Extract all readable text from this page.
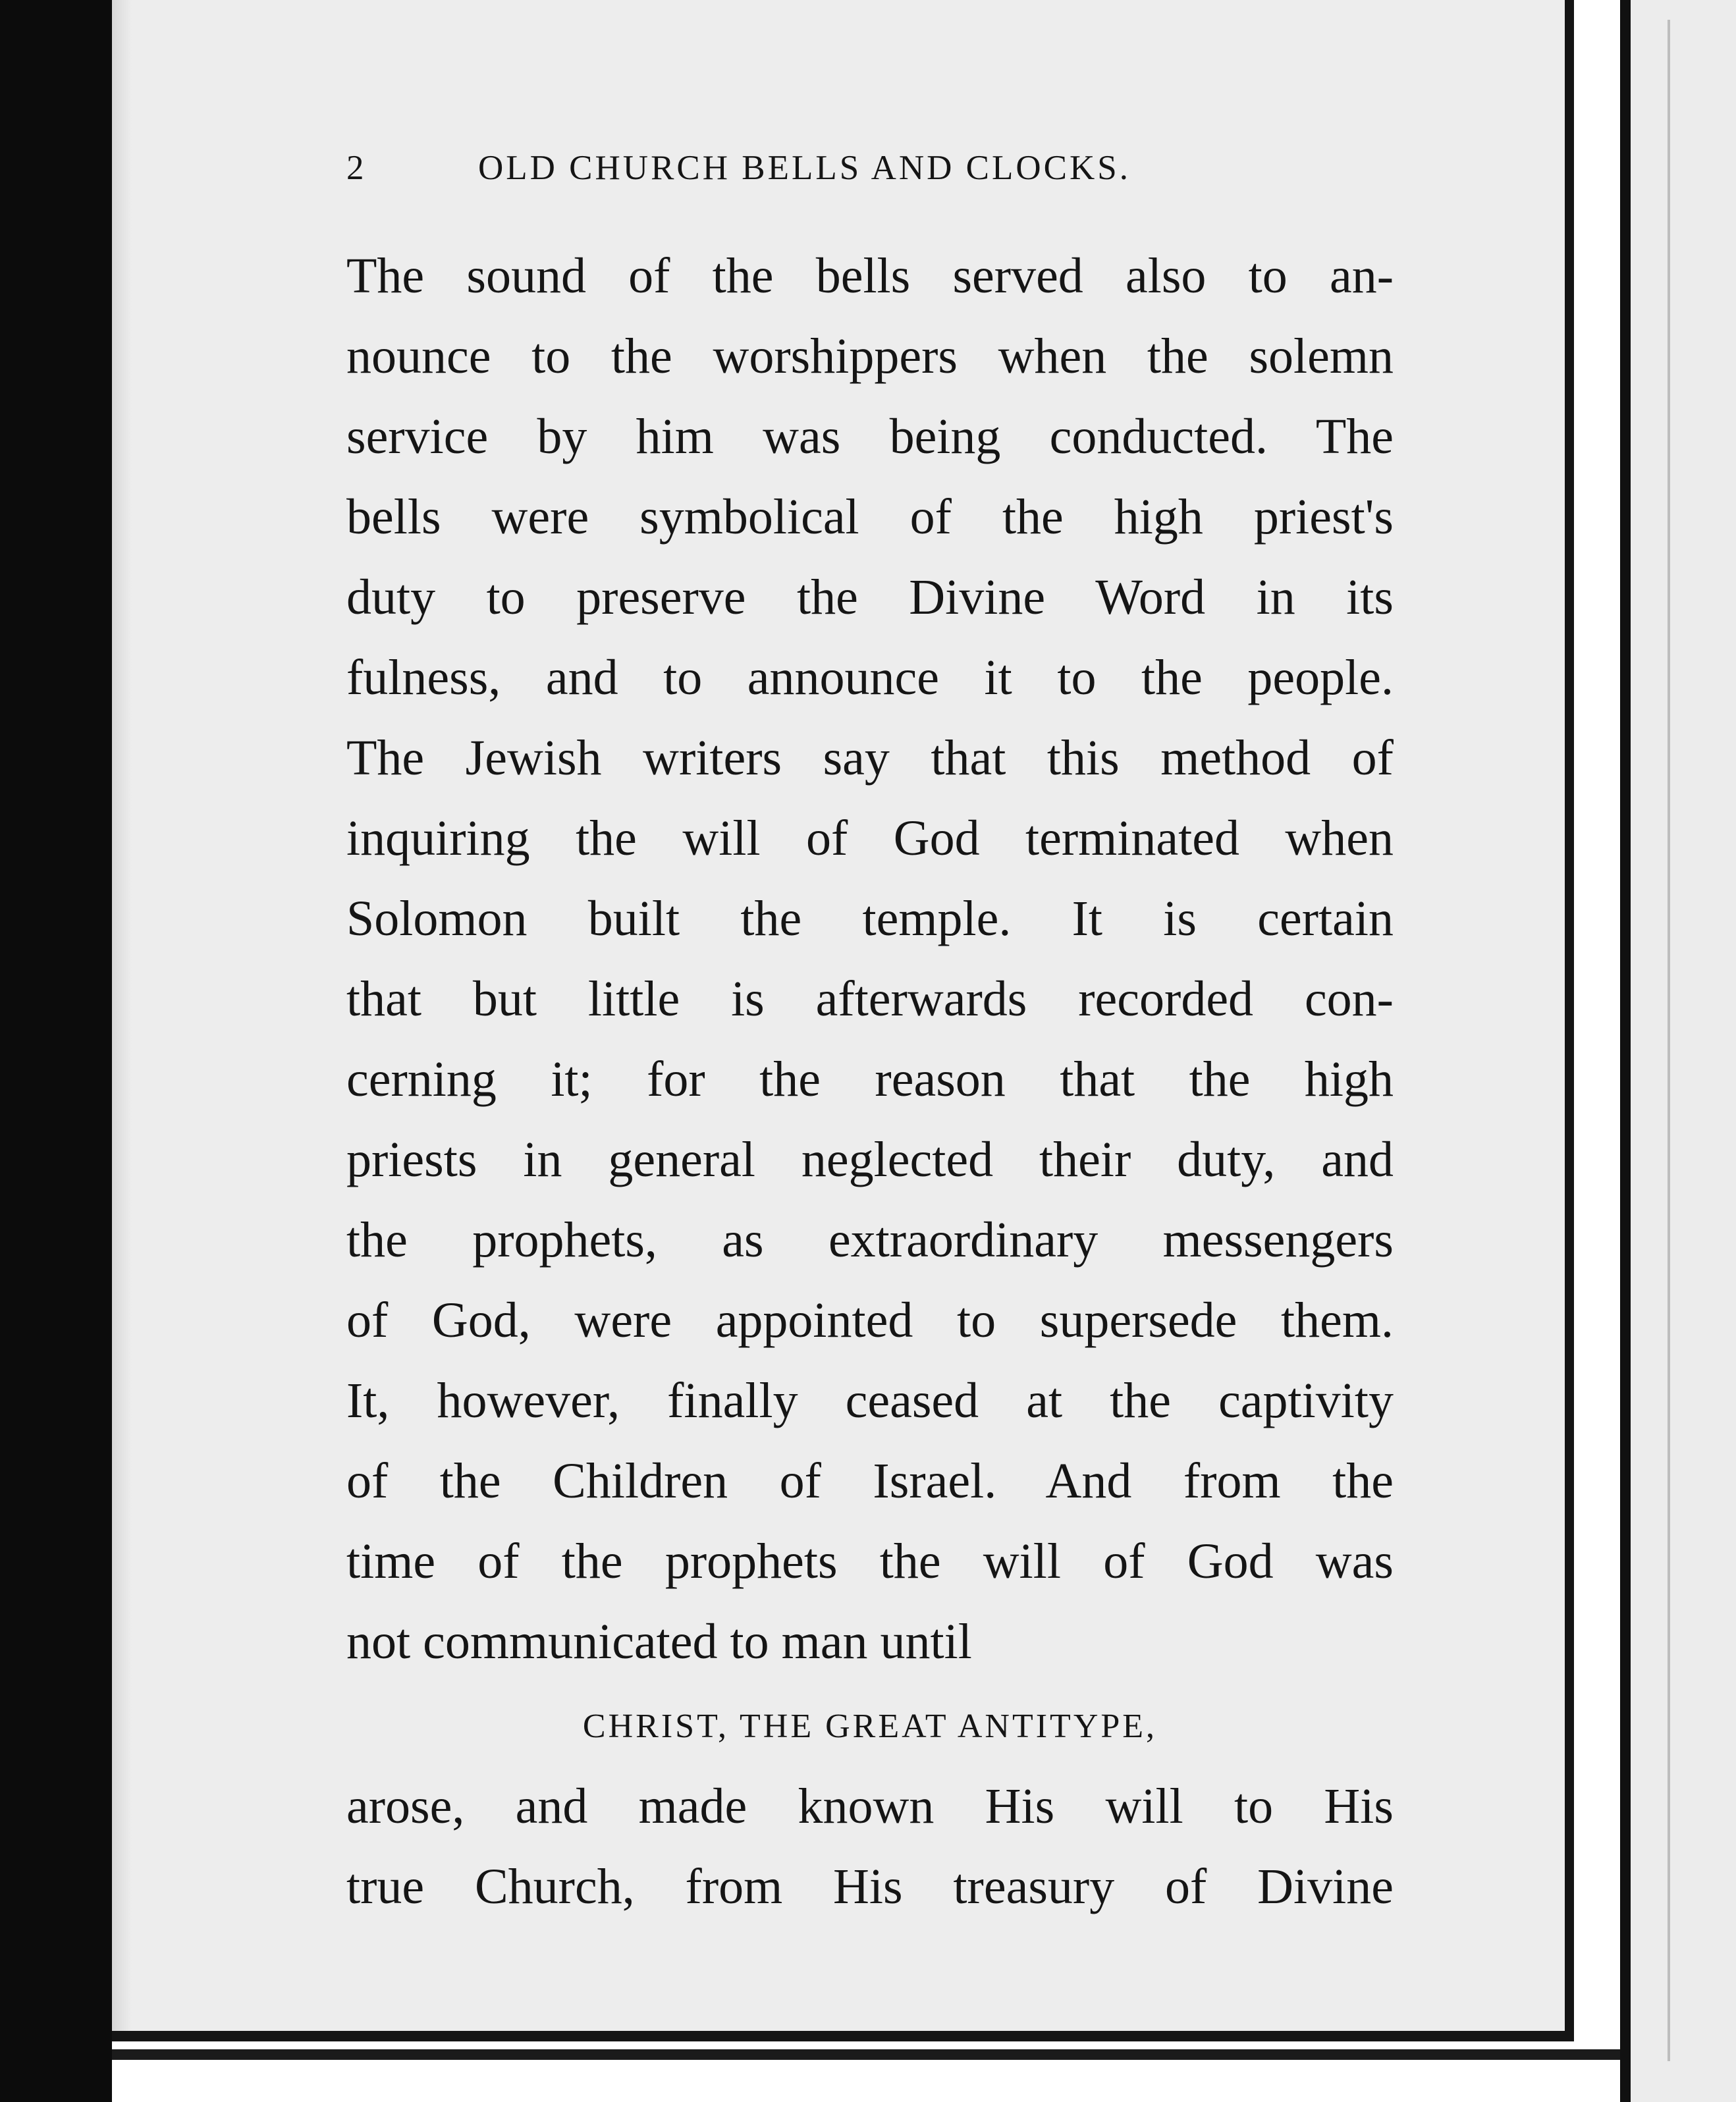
2	OLD CHURCH BELLS AND CLOCKS.
The sound of the bells served also to an-
nounce to the worshippers when the solemn
service by him was being conducted. The
bells were symbolical of the high priest's
duty to preserve the Divine Word in its
fulness, and to announce it to the people.
The Jewish writers say that this method of
inquiring the will of God terminated when
Solomon built the temple. It is certain
that but little is afterwards recorded con-
cerning it; for the reason that the high
priests in general neglected their duty, and
the prophets, as extraordinary messengers
of God, were appointed to supersede them.
It, however, finally ceased at the captivity
of the Children of Israel. And from the
time of the prophets the will of God was
not communicated to man until
CHRIST, THE GREAT ANTITYPE,
arose, and made known His will to His
true Church, from His treasury of Divine
